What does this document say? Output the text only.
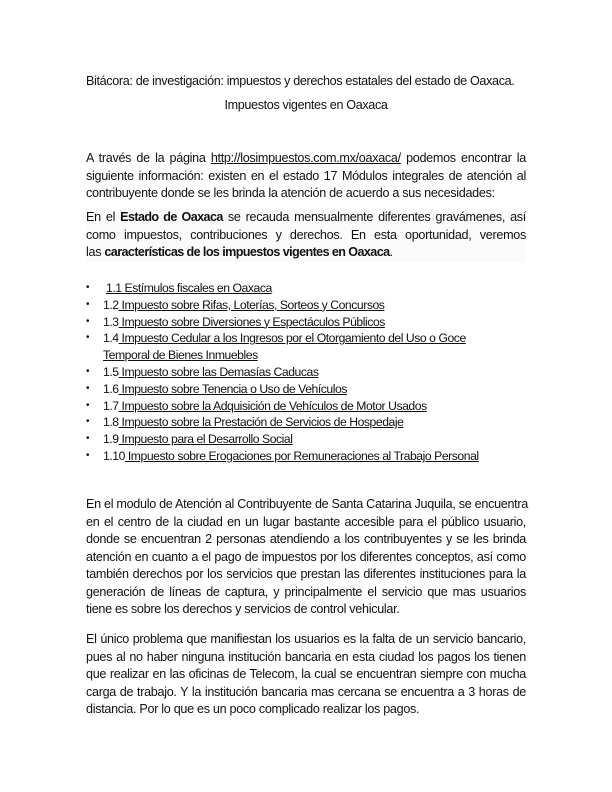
Bitácora: de investigación: impuestos y derechos estatales del estado de Oaxaca.
Impuestos vigentes en Oaxaca
A través de la página http://losimpuestos.com.mx/oaxaca/ podemos encontrar la
siguiente información: existen en el estado 17 Módulos integrales de atención al
contribuyente donde se les brinda la atención de acuerdo a sus necesidades:
En el Estado de Oaxaca se recauda mensualmente diferentes gravámenes, así
como impuestos, contribuciones y derechos. En esta oportunidad, veremos
las características de los impuestos vigentes en Oaxaca.
• 1.1 Estímulos fiscales en Oaxaca
• 1.2 Impuesto sobre Rifas, Loterías, Sorteos y Concursos
• 1.3 Impuesto sobre Diversiones y Espectáculos Públicos
• 1.4 Impuesto Cedular a los Ingresos por el Otorgamiento del Uso o Goce
Temporal de Bienes Inmuebles
• 1.5 Impuesto sobre las Demasías Caducas
• 1.6 Impuesto sobre Tenencia o Uso de Vehículos
• 1.7 Impuesto sobre la Adquisición de Vehículos de Motor Usados
• 1.8 Impuesto sobre la Prestación de Servicios de Hospedaje
• 1.9 Impuesto para el Desarrollo Social
• 1.10 Impuesto sobre Erogaciones por Remuneraciones al Trabajo Personal
En el modulo de Atención al Contribuyente de Santa Catarina Juquila, se encuentra
en el centro de la ciudad en un lugar bastante accesible para el público usuario,
donde se encuentran 2 personas atendiendo a los contribuyentes y se les brinda
atención en cuanto a el pago de impuestos por los diferentes conceptos, así como
también derechos por los servicios que prestan las diferentes instituciones para la
generación de líneas de captura, y principalmente el servicio que mas usuarios
tiene es sobre los derechos y servicios de control vehicular.
El único problema que manifiestan los usuarios es la falta de un servicio bancario,
pues al no haber ninguna institución bancaria en esta ciudad los pagos los tienen
que realizar en las oficinas de Telecom, la cual se encuentran siempre con mucha
carga de trabajo. Y la institución bancaria mas cercana se encuentra a 3 horas de
distancia. Por lo que es un poco complicado realizar los pagos.
